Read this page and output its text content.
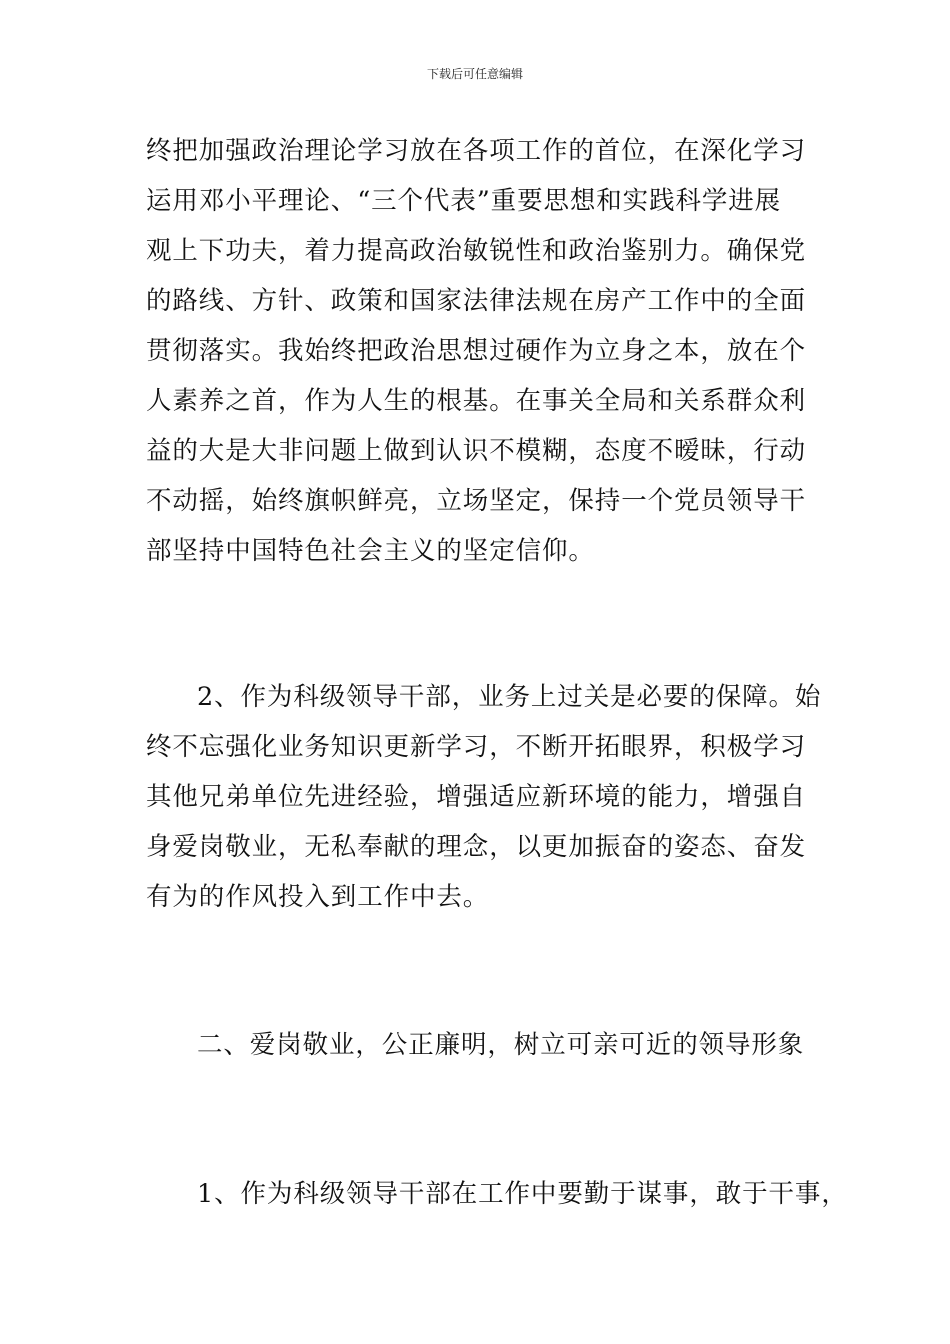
下载后可任意编辑

终把加强政治理论学习放在各项工作的首位，在深化学习
运用邓小平理论、“三个代表”重要思想和实践科学进展
观上下功夫，着力提高政治敏锐性和政治鉴别力。确保党
的路线、方针、政策和国家法律法规在房产工作中的全面
贯彻落实。我始终把政治思想过硬作为立身之本，放在个
人素养之首，作为人生的根基。在事关全局和关系群众利
益的大是大非问题上做到认识不模糊，态度不暧昧，行动
不动摇，始终旗帜鲜亮，立场坚定，保持一个党员领导干
部坚持中国特色社会主义的坚定信仰。

2、作为科级领导干部，业务上过关是必要的保障。始
终不忘强化业务知识更新学习，不断开拓眼界，积极学习
其他兄弟单位先进经验，增强适应新环境的能力，增强自
身爱岗敬业，无私奉献的理念，以更加振奋的姿态、奋发
有为的作风投入到工作中去。

二、爱岗敬业，公正廉明，树立可亲可近的领导形象

1、作为科级领导干部在工作中要勤于谋事，敢于干事，
